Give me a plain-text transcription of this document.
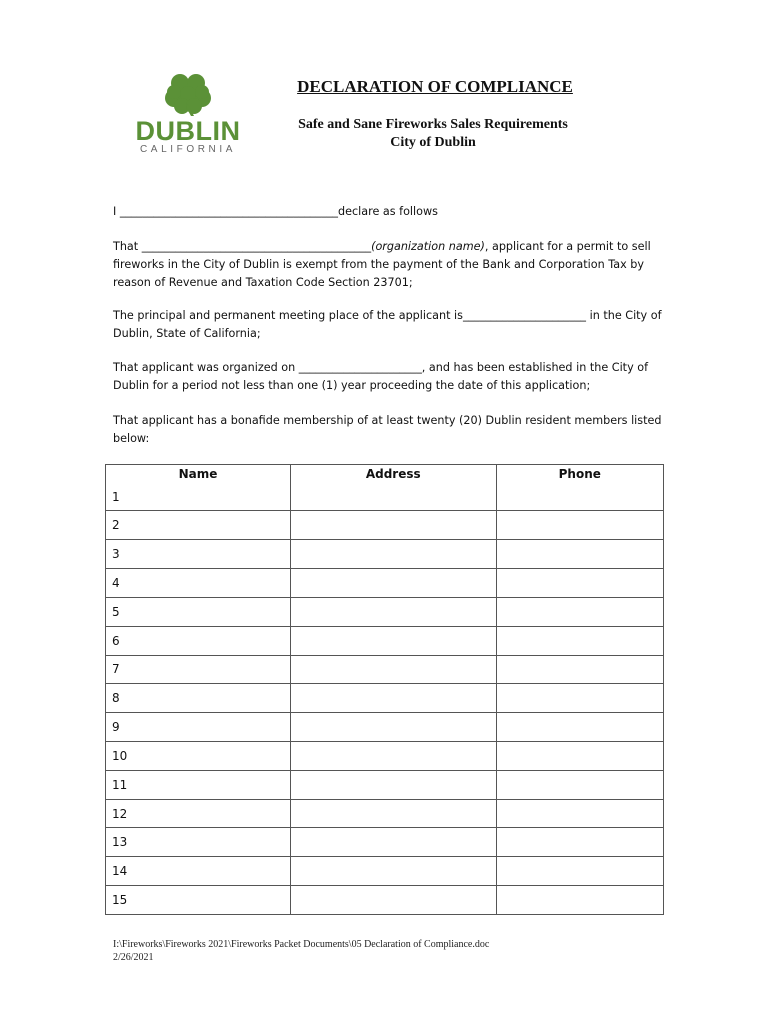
DUBLIN
CALIFORNIA
DECLARATION OF COMPLIANCE
Safe and Sane Fireworks Sales Requirements
City of Dublin
I _______________________________________declare as follows
That _________________________________________(organization name), applicant for a permit to sell fireworks in the City of Dublin is exempt from the payment of the Bank and Corporation Tax by reason of Revenue and Taxation Code Section 23701;
The principal and permanent meeting place of the applicant is______________________ in the City of Dublin, State of California;
That applicant was organized on ______________________, and has been established in the City of Dublin for a period not less than one (1) year proceeding the date of this application;
That applicant has a bonafide membership of at least twenty (20) Dublin resident members listed below:
Name	Address	Phone
1		
2		
3		
4		
5		
6		
7		
8		
9		
10		
11		
12		
13		
14		
15		
I:\Fireworks\Fireworks 2021\Fireworks Packet Documents\05 Declaration of Compliance.doc
2/26/2021
